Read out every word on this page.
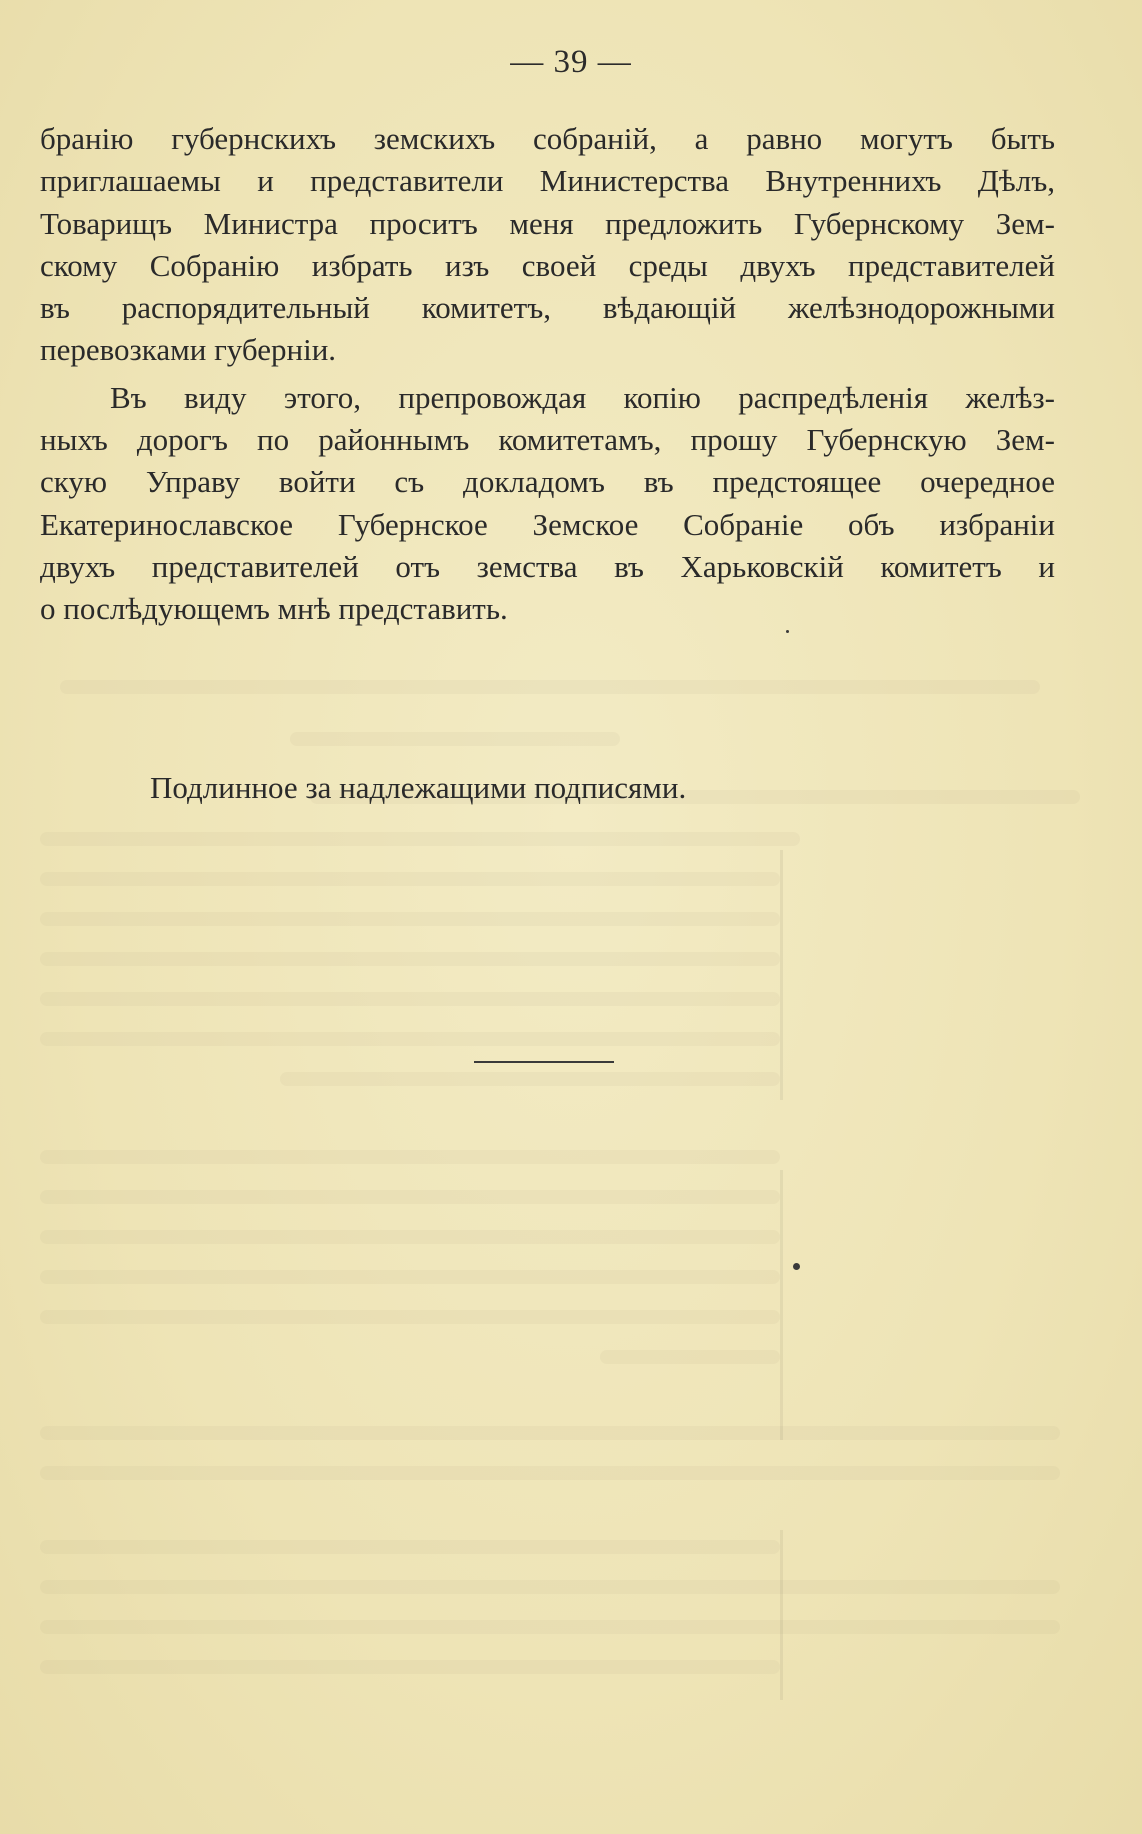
— 39 —
бранію губернскихъ земскихъ собраній, а равно могутъ быть
приглашаемы и представители Министерства Внутреннихъ Дѣлъ,
Товарищъ Министра проситъ меня предложить Губернскому Зем-
скому Собранію избрать изъ своей среды двухъ представителей
въ распорядительный комитетъ, вѣдающій желѣзнодорожными
перевозками губерніи.
Въ виду этого, препровождая копію распредѣленія желѣз-
ныхъ дорогъ по районнымъ комитетамъ, прошу Губернскую Зем-
скую Управу войти съ докладомъ въ предстоящее очередное
Екатеринославское Губернское Земское Собраніе объ избраніи
двухъ представителей отъ земства въ Харьковскій комитетъ и
о послѣдующемъ мнѣ представить.
Подлинное за надлежащими подписями.
